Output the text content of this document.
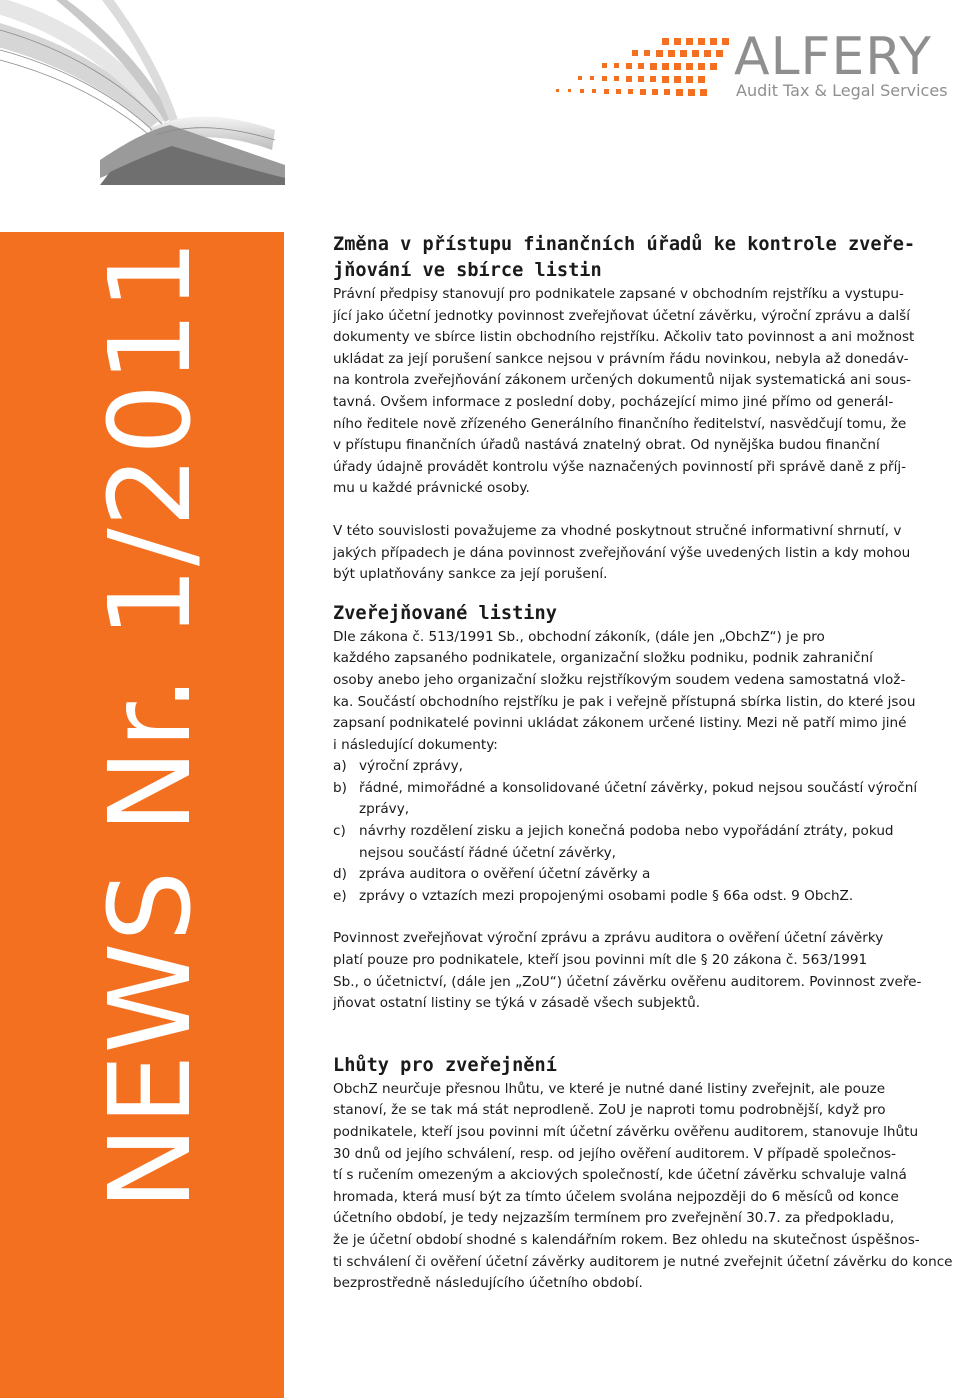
ALFERY
Audit Tax & Legal Services
NEWS Nr. 1/2011
Václavské nám. 40, 110 00 Praha 1
Tel.: +420 221 111 777
Fax: +420 221 111 788
E-mail: info@alferypartner.com
www.alferypartner.com
Změna v přístupu finančních úřadů ke kontrole zveře-
jňování ve sbírce listin
Právní předpisy stanovují pro podnikatele zapsané v obchodním rejstříku a vystupu-
jící jako účetní jednotky povinnost zveřejňovat účetní závěrku, výroční zprávu a další
dokumenty ve sbírce listin obchodního rejstříku. Ačkoliv tato povinnost a ani možnost
ukládat za její porušení sankce nejsou v právním řádu novinkou, nebyla až donedáv-
na kontrola zveřejňování zákonem určených dokumentů nijak systematická ani sous-
tavná. Ovšem informace z poslední doby, pocházející mimo jiné přímo od generál-
ního ředitele nově zřízeného Generálního finančního ředitelství, nasvědčují tomu, že
v přístupu finančních úřadů nastává znatelný obrat. Od nynějška budou finanční
úřady údajně provádět kontrolu výše naznačených povinností při správě daně z příj-
mu u každé právnické osoby.
V této souvislosti považujeme za vhodné poskytnout stručné informativní shrnutí, v
jakých případech je dána povinnost zveřejňování výše uvedených listin a kdy mohou
být uplatňovány sankce za její porušení.
Zveřejňované listiny
Dle zákona č. 513/1991 Sb., obchodní zákoník, (dále jen „ObchZ“) je pro
každého zapsaného podnikatele, organizační složku podniku, podnik zahraniční
osoby anebo jeho organizační složku rejstříkovým soudem vedena samostatná vlož-
ka. Součástí obchodního rejstříku je pak i veřejně přístupná sbírka listin, do které jsou
zapsaní podnikatelé povinni ukládat zákonem určené listiny. Mezi ně patří mimo jiné
i následující dokumenty:
a) výroční zprávy,
b) řádné, mimořádné a konsolidované účetní závěrky, pokud nejsou součástí výroční
zprávy,
c) návrhy rozdělení zisku a jejich konečná podoba nebo vypořádání ztráty, pokud
nejsou součástí řádné účetní závěrky,
d) zpráva auditora o ověření účetní závěrky a
e) zprávy o vztazích mezi propojenými osobami podle § 66a odst. 9 ObchZ.
Povinnost zveřejňovat výroční zprávu a zprávu auditora o ověření účetní závěrky
platí pouze pro podnikatele, kteří jsou povinni mít dle § 20 zákona č. 563/1991
Sb., o účetnictví, (dále jen „ZoU“) účetní závěrku ověřenu auditorem. Povinnost zveře-
jňovat ostatní listiny se týká v zásadě všech subjektů.
Lhůty pro zveřejnění
ObchZ neurčuje přesnou lhůtu, ve které je nutné dané listiny zveřejnit, ale pouze
stanoví, že se tak má stát neprodleně. ZoU je naproti tomu podrobnější, když pro
podnikatele, kteří jsou povinni mít účetní závěrku ověřenu auditorem, stanovuje lhůtu
30 dnů od jejího schválení, resp. od jejího ověření auditorem. V případě společnos-
tí s ručením omezeným a akciových společností, kde účetní závěrku schvaluje valná
hromada, která musí být za tímto účelem svolána nejpozději do 6 měsíců od konce
účetního období, je tedy nejzazším termínem pro zveřejnění 30.7. za předpokladu,
že je účetní období shodné s kalendářním rokem. Bez ohledu na skutečnost úspěšnos-
ti schválení či ověření účetní závěrky auditorem je nutné zveřejnit účetní závěrku do konce
bezprostředně následujícího účetního období.
